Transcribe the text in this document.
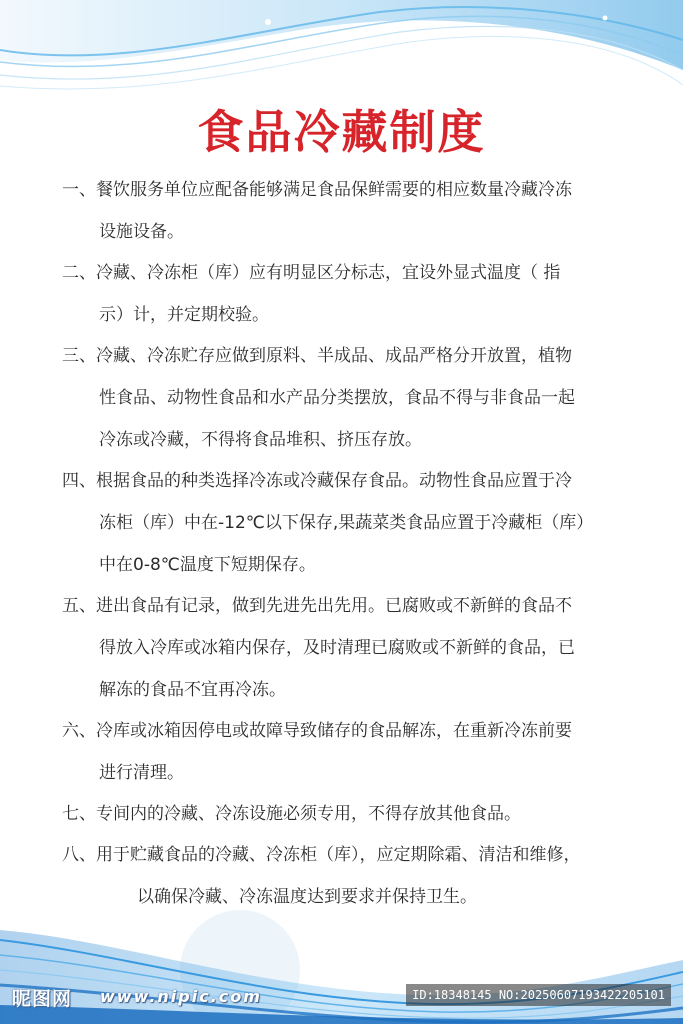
食品冷藏制度
一、餐饮服务单位应配备能够满足食品保鲜需要的相应数量冷藏冷冻
设施设备。
二、冷藏、冷冻柜（库）应有明显区分标志，宜设外显式温度（ 指
示）计，并定期校验。
三、冷藏、冷冻贮存应做到原料、半成品、成品严格分开放置，植物
性食品、动物性食品和水产品分类摆放，食品不得与非食品一起
冷冻或冷藏，不得将食品堆积、挤压存放。
四、根据食品的种类选择冷冻或冷藏保存食品。动物性食品应置于冷
冻柜（库）中在-12℃以下保存,果蔬菜类食品应置于冷藏柜（库）
中在0-8℃温度下短期保存。
五、进出食品有记录，做到先进先出先用。已腐败或不新鲜的食品不
得放入冷库或冰箱内保存，及时清理已腐败或不新鲜的食品，已
解冻的食品不宜再冷冻。
六、冷库或冰箱因停电或故障导致储存的食品解冻，在重新冷冻前要
进行清理。
七、专间内的冷藏、冷冻设施必须专用，不得存放其他食品。
八、用于贮藏食品的冷藏、冷冻柜（库），应定期除霜、清洁和维修，
以确保冷藏、冷冻温度达到要求并保持卫生。
昵图网 www.nipic.com	ID:18348145 NO:20250607193422205101
